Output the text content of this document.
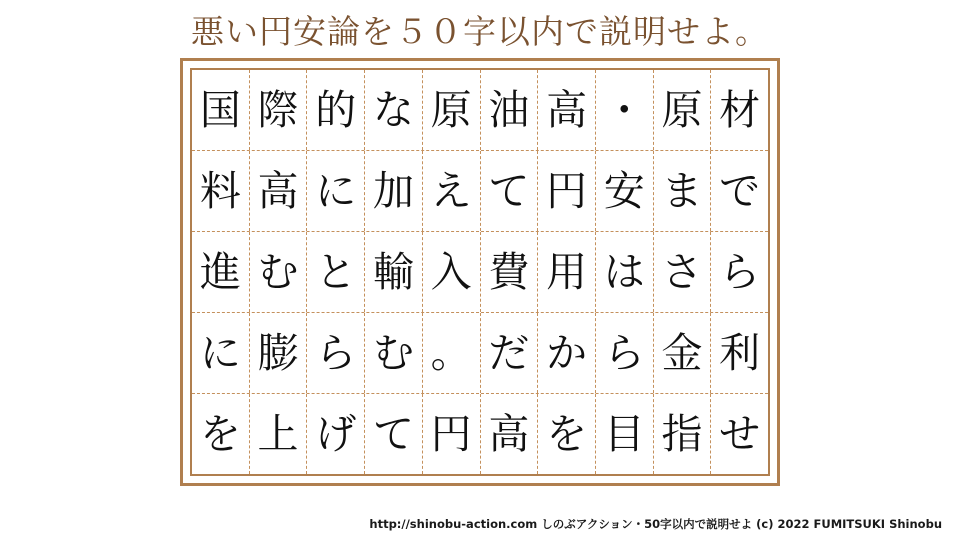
悪い円安論を５０字以内で説明せよ。
国 際 的 な 原 油 高 ・ 原 材
料 高 に 加 え て 円 安 ま で
進 む と 輸 入 費 用 は さ ら
に 膨 ら む 。 だ か ら 金 利
を 上 げ て 円 高 を 目 指 せ
http://shinobu-action.com しのぶアクション・50字以内で説明せよ (c) 2022 FUMITSUKI Shinobu
